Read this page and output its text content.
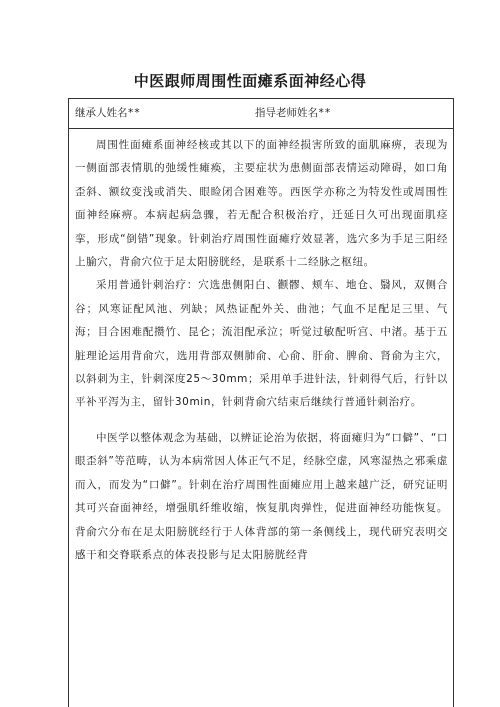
中医跟师周围性面瘫系面神经心得
继承人姓名**	指导老师姓名**

周围性面瘫系面神经核或其以下的面神经损害所致的面肌麻痹，表现为一侧面部表情肌的弛缓性瘫痪，主要症状为患侧面部表情运动障碍，如口角歪斜、额纹变浅或消失、眼睑闭合困难等。西医学亦称之为特发性或周围性面神经麻痹。本病起病急骤，若无配合积极治疗，迁延日久可出现面肌痉挛，形成“倒错”现象。针刺治疗周围性面瘫疗效显著，选穴多为手足三阳经上腧穴，背俞穴位于足太阳膀胱经，是联系十二经脉之枢纽。

采用普通针刺治疗：穴选患侧阳白、颧髎、颊车、地仓、翳风，双侧合谷；风寒证配风池、列缺；风热证配外关、曲池；气血不足配足三里、气海；目合困难配攒竹、昆仑；流泪配承泣；听觉过敏配听宫、中渚。基于五脏理论运用背俞穴，选用背部双侧肺俞、心俞、肝俞、脾俞、肾俞为主穴，以斜刺为主，针刺深度25～30mm；采用单手进针法，针刺得气后，行针以平补平泻为主，留针30min，针刺背俞穴结束后继续行普通针刺治疗。

中医学以整体观念为基础，以辨证论治为依据，将面瘫归为“口僻”、“口眼歪斜”等范畴，认为本病常因人体正气不足，经脉空虚，风寒湿热之邪乘虚而入，而发为“口僻”。针刺在治疗周围性面瘫应用上越来越广泛，研究证明其可兴奋面神经，增强肌纤维收缩，恢复肌肉弹性，促进面神经功能恢复。背俞穴分布在足太阳膀胱经行于人体背部的第一条侧线上，现代研究表明交感干和交脊联系点的体表投影与足太阳膀胱经背
